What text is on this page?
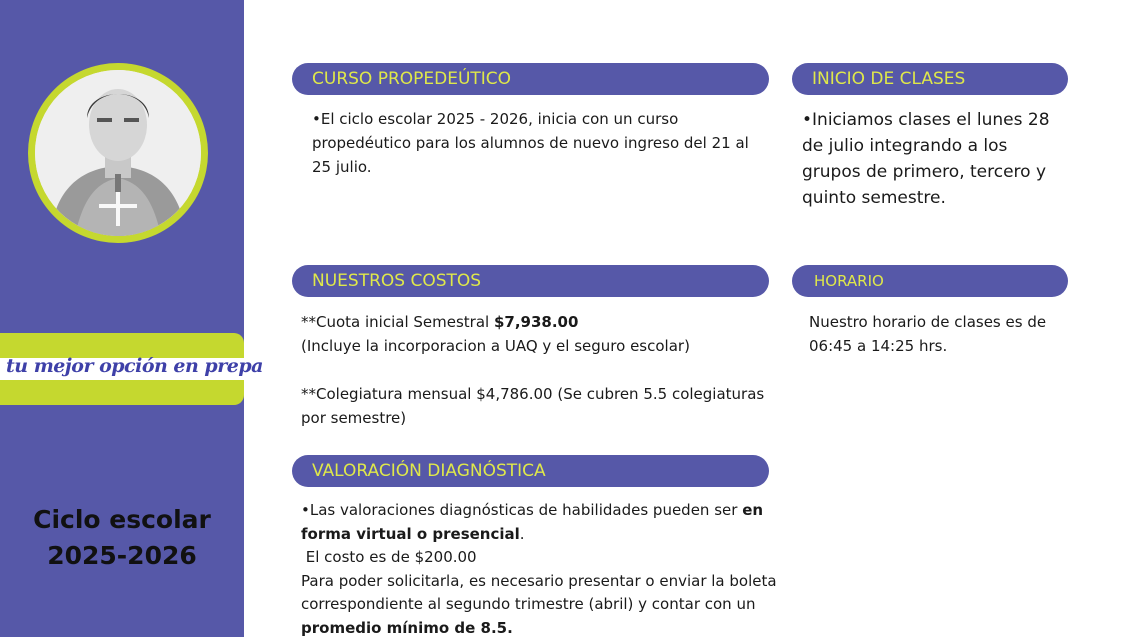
tu mejor opción en prepa
Ciclo escolar
2025-2026
CURSO PROPEDEÚTICO

•El ciclo escolar 2025 - 2026, inicia con un curso propedéutico para los alumnos de nuevo ingreso del 21 al 25 julio.

INICIO DE CLASES

•Iniciamos clases el lunes 28 de julio integrando a los grupos de primero, tercero y quinto semestre.

NUESTROS COSTOS

**Cuota inicial Semestral $7,938.00

(Incluye la incorporacion a UAQ y el seguro escolar)

**Colegiatura mensual $4,786.00 (Se cubren 5.5 colegiaturas por semestre)

HORARIO

Nuestro horario de clases es de 06:45 a 14:25 hrs.

VALORACIÓN DIAGNÓSTICA

•Las valoraciones diagnósticas de habilidades pueden ser en forma virtual o presencial.

El costo es de $200.00

Para poder solicitarla, es necesario presentar o enviar la boleta correspondiente al segundo trimestre (abril) y contar con un promedio mínimo de 8.5.
